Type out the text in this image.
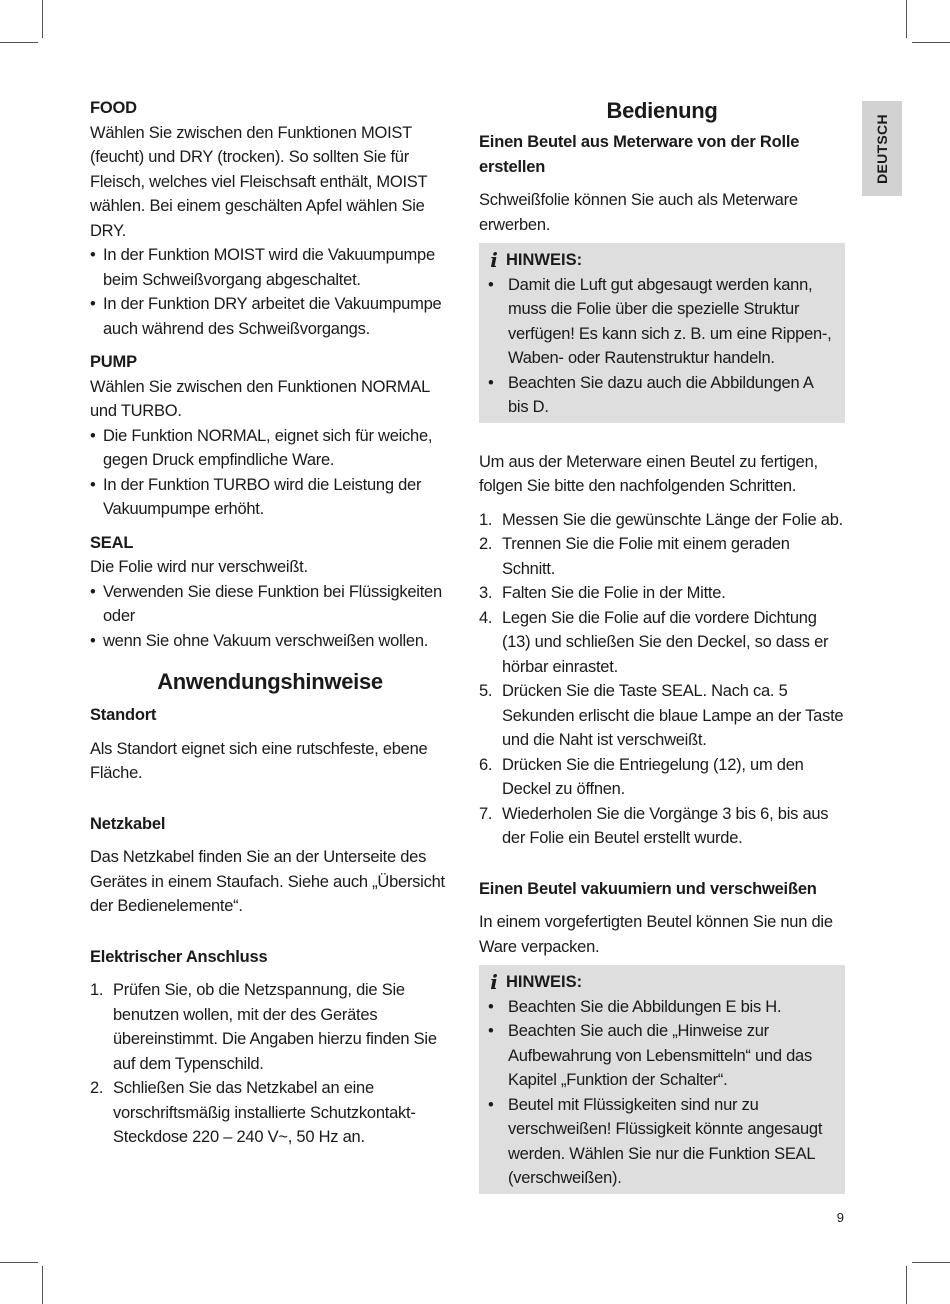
FOOD

Wählen Sie zwischen den Funktionen MOIST (feucht) und DRY (trocken). So sollten Sie für Fleisch, welches viel Fleischsaft enthält, MOIST wählen. Bei einem geschälten Apfel wählen Sie DRY.

• In der Funktion MOIST wird die Vakuumpumpe beim Schweißvorgang abgeschaltet.
• In der Funktion DRY arbeitet die Vakuumpumpe auch während des Schweißvorgangs.
PUMP

Wählen Sie zwischen den Funktionen NORMAL und TURBO.

• Die Funktion NORMAL, eignet sich für weiche, gegen Druck empfindliche Ware.
• In der Funktion TURBO wird die Leistung der Vakuumpumpe erhöht.
SEAL

Die Folie wird nur verschweißt.

• Verwenden Sie diese Funktion bei Flüssigkeiten oder
• wenn Sie ohne Vakuum verschweißen wollen.
Anwendungshinweise
Standort

Als Standort eignet sich eine rutschfeste, ebene Fläche.

Netzkabel

Das Netzkabel finden Sie an der Unterseite des Gerätes in einem Staufach. Siehe auch „Übersicht der Bedienelemente“.

Elektrischer Anschluss
1. Prüfen Sie, ob die Netzspannung, die Sie benutzen wollen, mit der des Gerätes übereinstimmt. Die Angaben hierzu finden Sie auf dem Typenschild.
2. Schließen Sie das Netzkabel an eine vorschriftsmäßig installierte Schutzkontakt-Steckdose 220 – 240 V~, 50 Hz an.
Bedienung
Einen Beutel aus Meterware von der Rolle erstellen

Schweißfolie können Sie auch als Meterware erwerben.

i HINWEIS:
• Damit die Luft gut abgesaugt werden kann, muss die Folie über die spezielle Struktur verfügen! Es kann sich z. B. um eine Rippen-, Waben- oder Rautenstruktur handeln.
• Beachten Sie dazu auch die Abbildungen A bis D.

Um aus der Meterware einen Beutel zu fertigen, folgen Sie bitte den nachfolgenden Schritten.

1. Messen Sie die gewünschte Länge der Folie ab.
2. Trennen Sie die Folie mit einem geraden Schnitt.
3. Falten Sie die Folie in der Mitte.
4. Legen Sie die Folie auf die vordere Dichtung (13) und schließen Sie den Deckel, so dass er hörbar einrastet.
5. Drücken Sie die Taste SEAL. Nach ca. 5 Sekunden erlischt die blaue Lampe an der Taste und die Naht ist verschweißt.
6. Drücken Sie die Entriegelung (12), um den Deckel zu öffnen.
7. Wiederholen Sie die Vorgänge 3 bis 6, bis aus der Folie ein Beutel erstellt wurde.
Einen Beutel vakuumiern und verschweißen

In einem vorgefertigten Beutel können Sie nun die Ware verpacken.

i HINWEIS:
• Beachten Sie die Abbildungen E bis H.
• Beachten Sie auch die „Hinweise zur Aufbewahrung von Lebensmitteln“ und das Kapitel „Funktion der Schalter“.
• Beutel mit Flüssigkeiten sind nur zu verschweißen! Flüssigkeit könnte angesaugt werden. Wählen Sie nur die Funktion SEAL (verschweißen).
DEUTSCH
9
